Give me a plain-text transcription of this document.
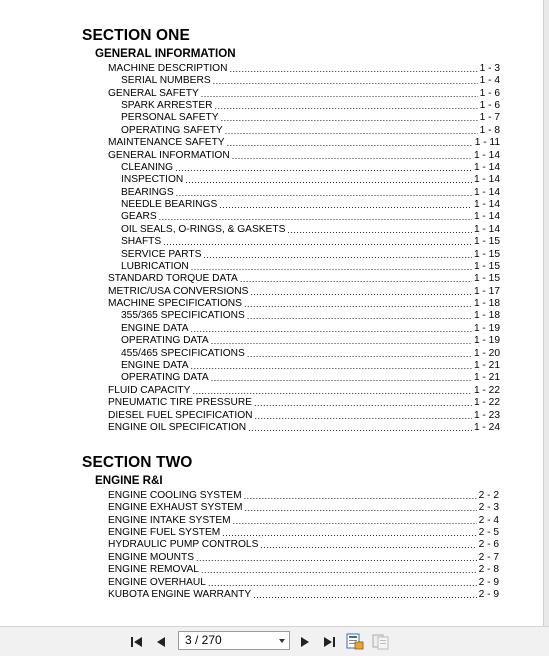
SECTION ONE
GENERAL INFORMATION
MACHINE DESCRIPTION .....	1 - 3
SERIAL NUMBERS .....	1 - 4
GENERAL SAFETY .....	1 - 6
SPARK ARRESTER .....	1 - 6
PERSONAL SAFETY .....	1 - 7
OPERATING SAFETY .....	1 - 8
MAINTENANCE SAFETY .....	1 - 11
GENERAL INFORMATION .....	1 - 14
CLEANING .....	1 - 14
INSPECTION .....	1 - 14
BEARINGS .....	1 - 14
NEEDLE BEARINGS .....	1 - 14
GEARS .....	1 - 14
OIL SEALS, O-RINGS, & GASKETS .....	1 - 14
SHAFTS .....	1 - 15
SERVICE PARTS .....	1 - 15
LUBRICATION .....	1 - 15
STANDARD TORQUE DATA .....	1 - 15
METRIC/USA CONVERSIONS .....	1 - 17
MACHINE SPECIFICATIONS .....	1 - 18
355/365 SPECIFICATIONS .....	1 - 18
ENGINE DATA .....	1 - 19
OPERATING DATA .....	1 - 19
455/465 SPECIFICATIONS .....	1 - 20
ENGINE DATA .....	1 - 21
OPERATING DATA .....	1 - 21
FLUID CAPACITY .....	1 - 22
PNEUMATIC TIRE PRESSURE .....	1 - 22
DIESEL FUEL SPECIFICATION .....	1 - 23
ENGINE OIL SPECIFICATION .....	1 - 24
SECTION TWO
ENGINE R&I
ENGINE COOLING SYSTEM .....	2 - 2
ENGINE EXHAUST SYSTEM .....	2 - 3
ENGINE INTAKE SYSTEM .....	2 - 4
ENGINE FUEL SYSTEM .....	2 - 5
HYDRAULIC PUMP CONTROLS .....	2 - 6
ENGINE MOUNTS .....	2 - 7
ENGINE REMOVAL .....	2 - 8
ENGINE OVERHAUL .....	2 - 9
KUBOTA ENGINE WARRANTY .....	2 - 9
3 / 270
